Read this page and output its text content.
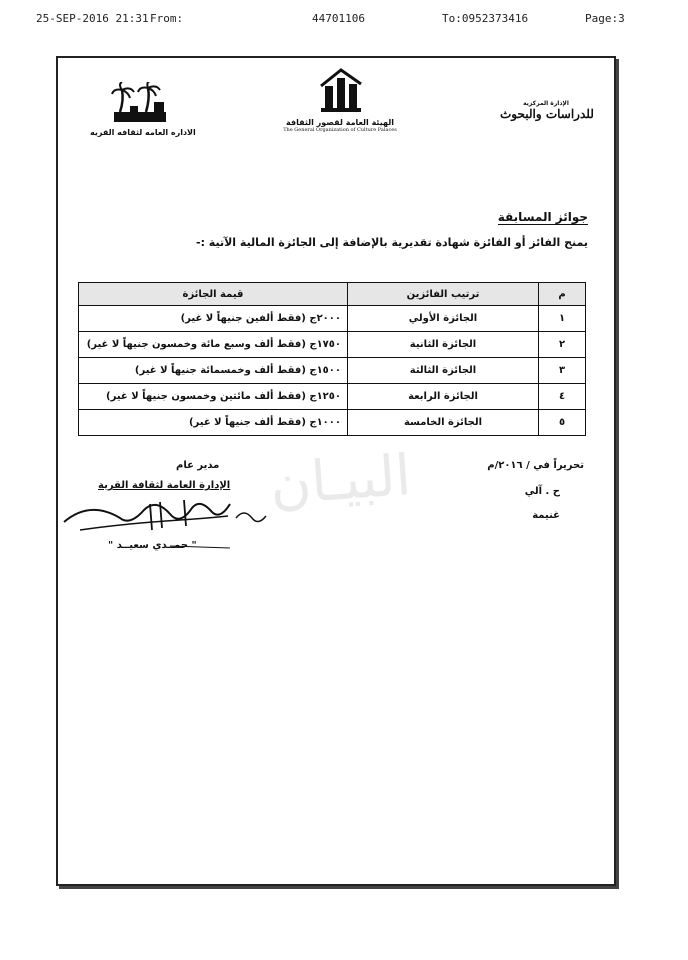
25-SEP-2016 21:31 From:	44701106	To:0952373416	Page:3
البيـان
الاداره العامه لثقافه القريه
الهيئة العامة لقصور الثقافة
The General Organization of Culture Palaces
الإدارة المركزية
للدراسات والبحوث
جوائز المسابقة
يمنح الفائز أو الفائزة شهادة تقديرية بالإضافة إلى الجائزة المالية الآتية :-
م	ترتيب الفائزين	قيمة الجائزة
١	الجائزة الأولي	٢٠٠٠ج (فقط ألفين جنيهاً لا غير)
٢	الجائزة الثانية	١٧٥٠ج (فقط ألف وسبع مائة وخمسون جنيهاً لا غير)
٣	الجائزة الثالثة	١٥٠٠ج (فقط ألف وخمسمائة جنيهاً لا غير)
٤	الجائزة الرابعة	١٢٥٠ج (فقط ألف مائتين وخمسون جنيهاً لا غير)
٥	الجائزة الخامسة	١٠٠٠ج (فقط ألف جنيهاً لا غير)
تحريراً في / ٢٠١٦/م
ح . آلي
غنيمة
مدير عام
الإدارة العامة لثقافة القرية
" حمــدي سعيــد "
